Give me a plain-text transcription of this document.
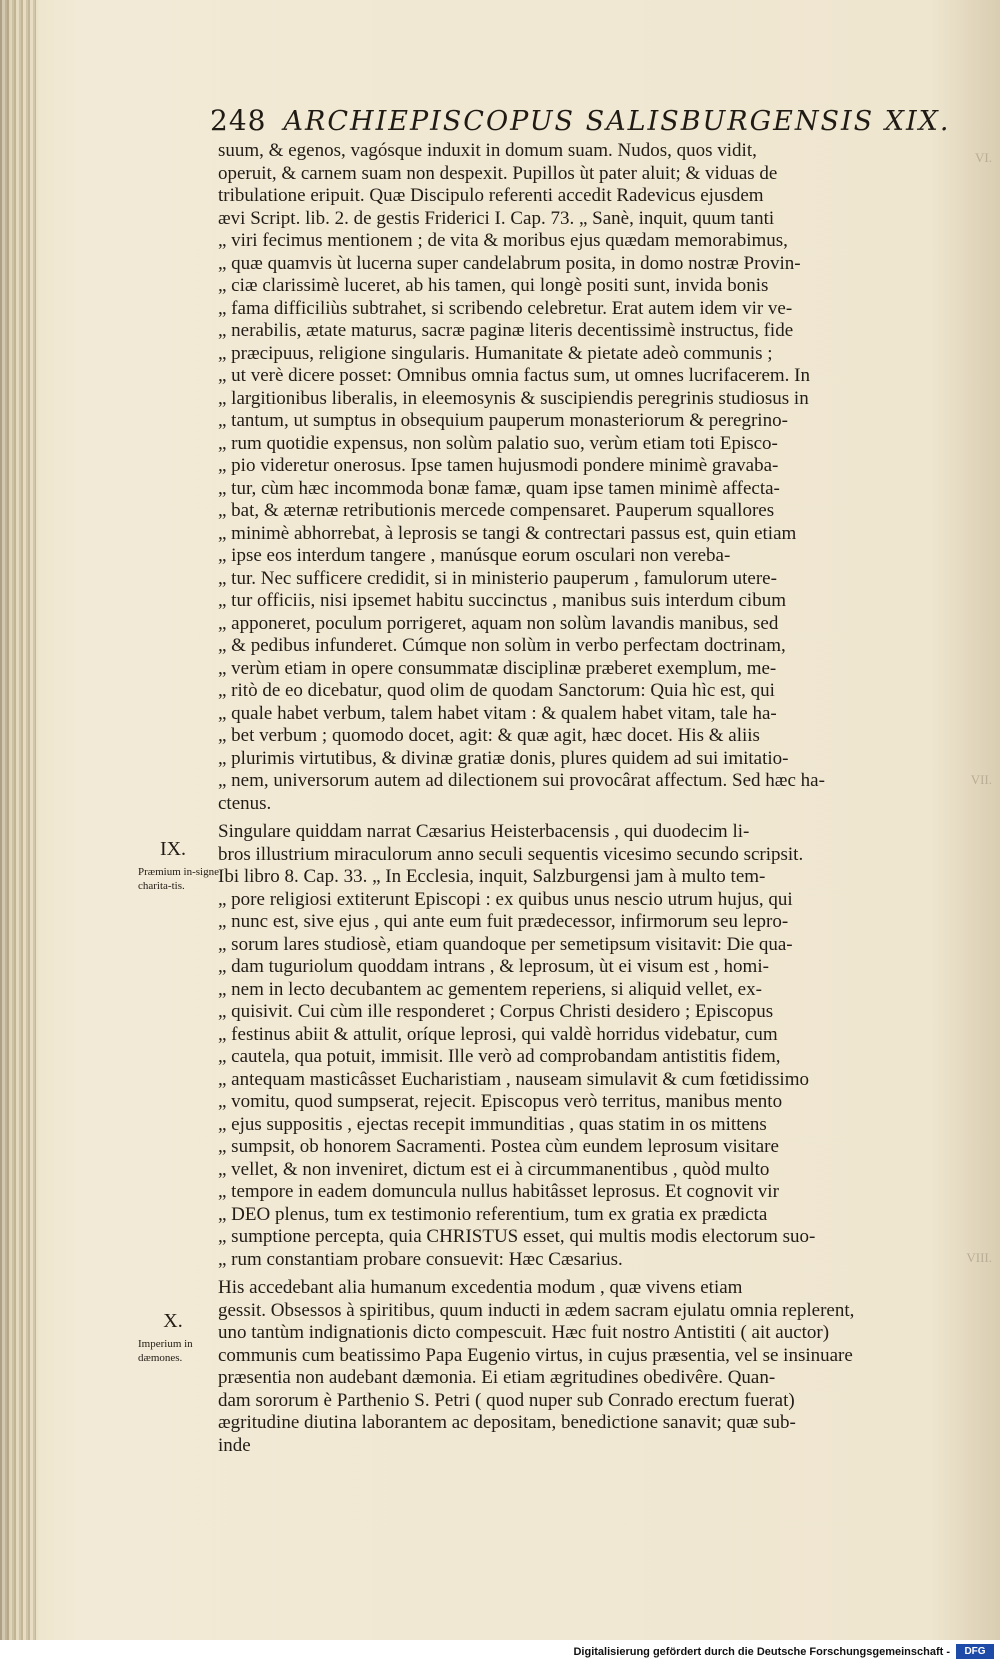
VI.
VII.
VIII.
248 ARCHIEPISCOPUS SALISBURGENSIS XIX.
IX.
Præmium in-signe charita-tis.
X.
Imperium in dæmones.
suum, & egenos, vagósque induxit in domum suam. Nudos, quos vidit,
operuit, & carnem suam non despexit. Pupillos ùt pater aluit; & viduas de
tribulatione eripuit. Quæ Discipulo referenti accedit Radevicus ejusdem
ævi Script. lib. 2. de gestis Friderici I. Cap. 73. „ Sanè, inquit, quum tanti
„ viri fecimus mentionem ; de vita & moribus ejus quædam memorabimus,
„ quæ quamvis ùt lucerna super candelabrum posita, in domo nostræ Provin-
„ ciæ clarissimè luceret, ab his tamen, qui longè positi sunt, invida bonis
„ fama difficiliùs subtrahet, si scribendo celebretur. Erat autem idem vir ve-
„ nerabilis, ætate maturus, sacræ paginæ literis decentissimè instructus, fide
„ præcipuus, religione singularis. Humanitate & pietate adeò communis ;
„ ut verè dicere posset: Omnibus omnia factus sum, ut omnes lucrifacerem. In
„ largitionibus liberalis, in eleemosynis & suscipiendis peregrinis studiosus in
„ tantum, ut sumptus in obsequium pauperum monasteriorum & peregrino-
„ rum quotidie expensus, non solùm palatio suo, verùm etiam toti Episco-
„ pio videretur onerosus. Ipse tamen hujusmodi pondere minimè gravaba-
„ tur, cùm hæc incommoda bonæ famæ, quam ipse tamen minimè affecta-
„ bat, & æternæ retributionis mercede compensaret. Pauperum squallores
„ minimè abhorrebat, à leprosis se tangi & contrectari passus est, quin etiam
„ ipse eos interdum tangere , manúsque eorum osculari non vereba-
„ tur. Nec sufficere credidit, si in ministerio pauperum , famulorum utere-
„ tur officiis, nisi ipsemet habitu succinctus , manibus suis interdum cibum
„ apponeret, poculum porrigeret, aquam non solùm lavandis manibus, sed
„ & pedibus infunderet. Cúmque non solùm in verbo perfectam doctrinam,
„ verùm etiam in opere consummatæ disciplinæ præberet exemplum, me-
„ ritò de eo dicebatur, quod olim de quodam Sanctorum: Quia hìc est, qui
„ quale habet verbum, talem habet vitam : & qualem habet vitam, tale ha-
„ bet verbum ; quomodo docet, agit: & quæ agit, hæc docet. His & aliis
„ plurimis virtutibus, & divinæ gratiæ donis, plures quidem ad sui imitatio-
„ nem, universorum autem ad dilectionem sui provocârat affectum. Sed hæc ha-
ctenus.
Singulare quiddam narrat Cæsarius Heisterbacensis , qui duodecim li-
bros illustrium miraculorum anno seculi sequentis vicesimo secundo scripsit.
Ibi libro 8. Cap. 33. „ In Ecclesia, inquit, Salzburgensi jam à multo tem-
„ pore religiosi extiterunt Episcopi : ex quibus unus nescio utrum hujus, qui
„ nunc est, sive ejus , qui ante eum fuit prædecessor, infirmorum seu lepro-
„ sorum lares studiosè, etiam quandoque per semetipsum visitavit: Die qua-
„ dam tuguriolum quoddam intrans , & leprosum, ùt ei visum est , homi-
„ nem in lecto decubantem ac gementem reperiens, si aliquid vellet, ex-
„ quisivit. Cui cùm ille responderet ; Corpus Christi desidero ; Episcopus
„ festinus abiit & attulit, oríque leprosi, qui valdè horridus videbatur, cum
„ cautela, qua potuit, immisit. Ille verò ad comprobandam antistitis fidem,
„ antequam masticâsset Eucharistiam , nauseam simulavit & cum fœtidissimo
„ vomitu, quod sumpserat, rejecit. Episcopus verò territus, manibus mento
„ ejus suppositis , ejectas recepit immunditias , quas statim in os mittens
„ sumpsit, ob honorem Sacramenti. Postea cùm eundem leprosum visitare
„ vellet, & non inveniret, dictum est ei à circummanentibus , quòd multo
„ tempore in eadem domuncula nullus habitâsset leprosus. Et cognovit vir
„ DEO plenus, tum ex testimonio referentium, tum ex gratia ex prædicta
„ sumptione percepta, quia CHRISTUS esset, qui multis modis electorum suo-
„ rum constantiam probare consuevit: Hæc Cæsarius.
His accedebant alia humanum excedentia modum , quæ vivens etiam
gessit. Obsessos à spiritibus, quum inducti in ædem sacram ejulatu omnia replerent,
uno tantùm indignationis dicto compescuit. Hæc fuit nostro Antistiti ( ait auctor)
communis cum beatissimo Papa Eugenio virtus, in cujus præsentia, vel se insinuare
præsentia non audebant dæmonia. Ei etiam ægritudines obedivêre. Quan-
dam sororum è Parthenio S. Petri ( quod nuper sub Conrado erectum fuerat)
ægritudine diutina laborantem ac depositam, benedictione sanavit; quæ sub-
inde
Digitalisierung gefördert durch die Deutsche Forschungsgemeinschaft -	DFG
